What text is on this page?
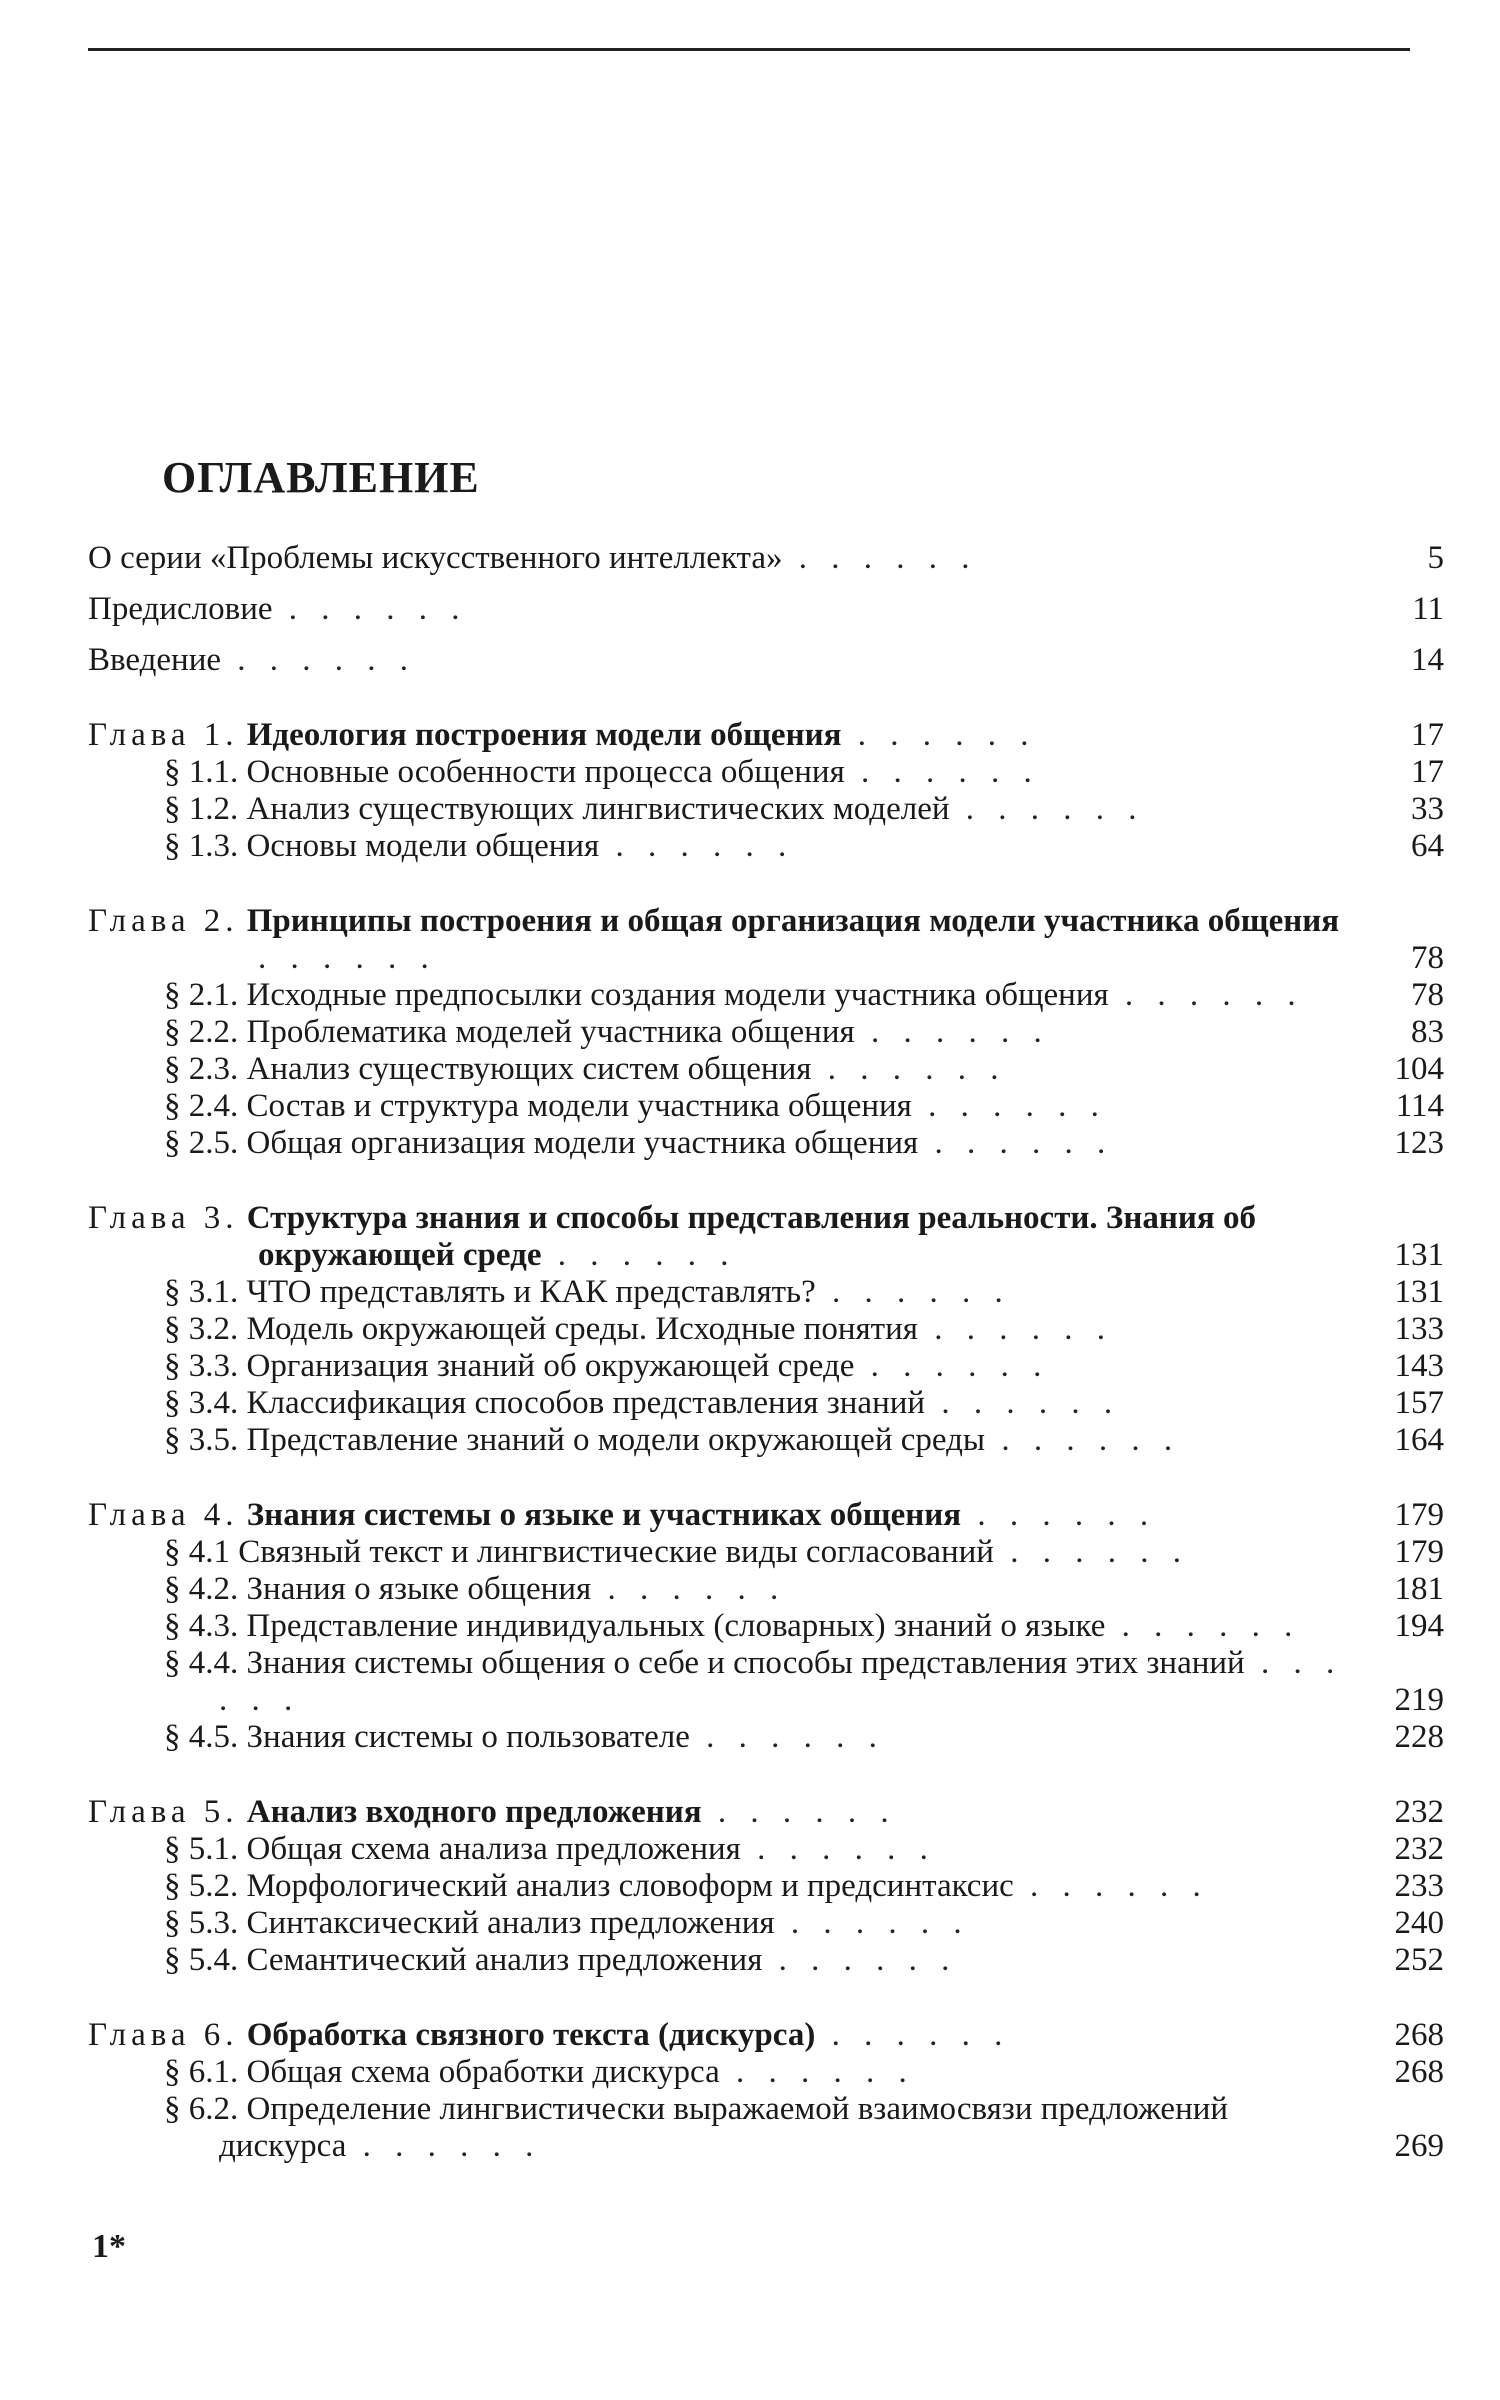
ОГЛАВЛЕНИЕ
О серии «Проблемы искусственного интеллекта» . . . . . .	5
Предисловие . . . . . .	11
Введение . . . . . .	14
Глава 1. Идеология построения модели общения . . . . . .	17
§ 1.1. Основные особенности процесса общения . . . . . .	17
§ 1.2. Анализ существующих лингвистических моделей . . . . . .	33
§ 1.3. Основы модели общения . . . . . .	64
Глава 2. Принципы построения и общая организация модели участника общения . . . . . .	78
§ 2.1. Исходные предпосылки создания модели участника общения . . . . . .	78
§ 2.2. Проблематика моделей участника общения . . . . . .	83
§ 2.3. Анализ существующих систем общения . . . . . .	104
§ 2.4. Состав и структура модели участника общения . . . . . .	114
§ 2.5. Общая организация модели участника общения . . . . . .	123
Глава 3. Структура знания и способы представления реальности. Знания об окружающей среде . . . . . .	131
§ 3.1. ЧТО представлять и КАК представлять? . . . . . .	131
§ 3.2. Модель окружающей среды. Исходные понятия . . . . . .	133
§ 3.3. Организация знаний об окружающей среде . . . . . .	143
§ 3.4. Классификация способов представления знаний . . . . . .	157
§ 3.5. Представление знаний о модели окружающей среды . . . . . .	164
Глава 4. Знания системы о языке и участниках общения . . . . . .	179
§ 4.1 Связный текст и лингвистические виды согласований . . . . . .	179
§ 4.2. Знания о языке общения . . . . . .	181
§ 4.3. Представление индивидуальных (словарных) знаний о языке . . . . . .	194
§ 4.4. Знания системы общения о себе и способы представления этих знаний . . . . . .	219
§ 4.5. Знания системы о пользователе . . . . . .	228
Глава 5. Анализ входного предложения . . . . . .	232
§ 5.1. Общая схема анализа предложения . . . . . .	232
§ 5.2. Морфологический анализ словоформ и предсинтаксис . . . . . .	233
§ 5.3. Синтаксический анализ предложения . . . . . .	240
§ 5.4. Семантический анализ предложения . . . . . .	252
Глава 6. Обработка связного текста (дискурса) . . . . . .	268
§ 6.1. Общая схема обработки дискурса . . . . . .	268
§ 6.2. Определение лингвистически выражаемой взаимосвязи предложений дискурса . . . . . .	269
1*
